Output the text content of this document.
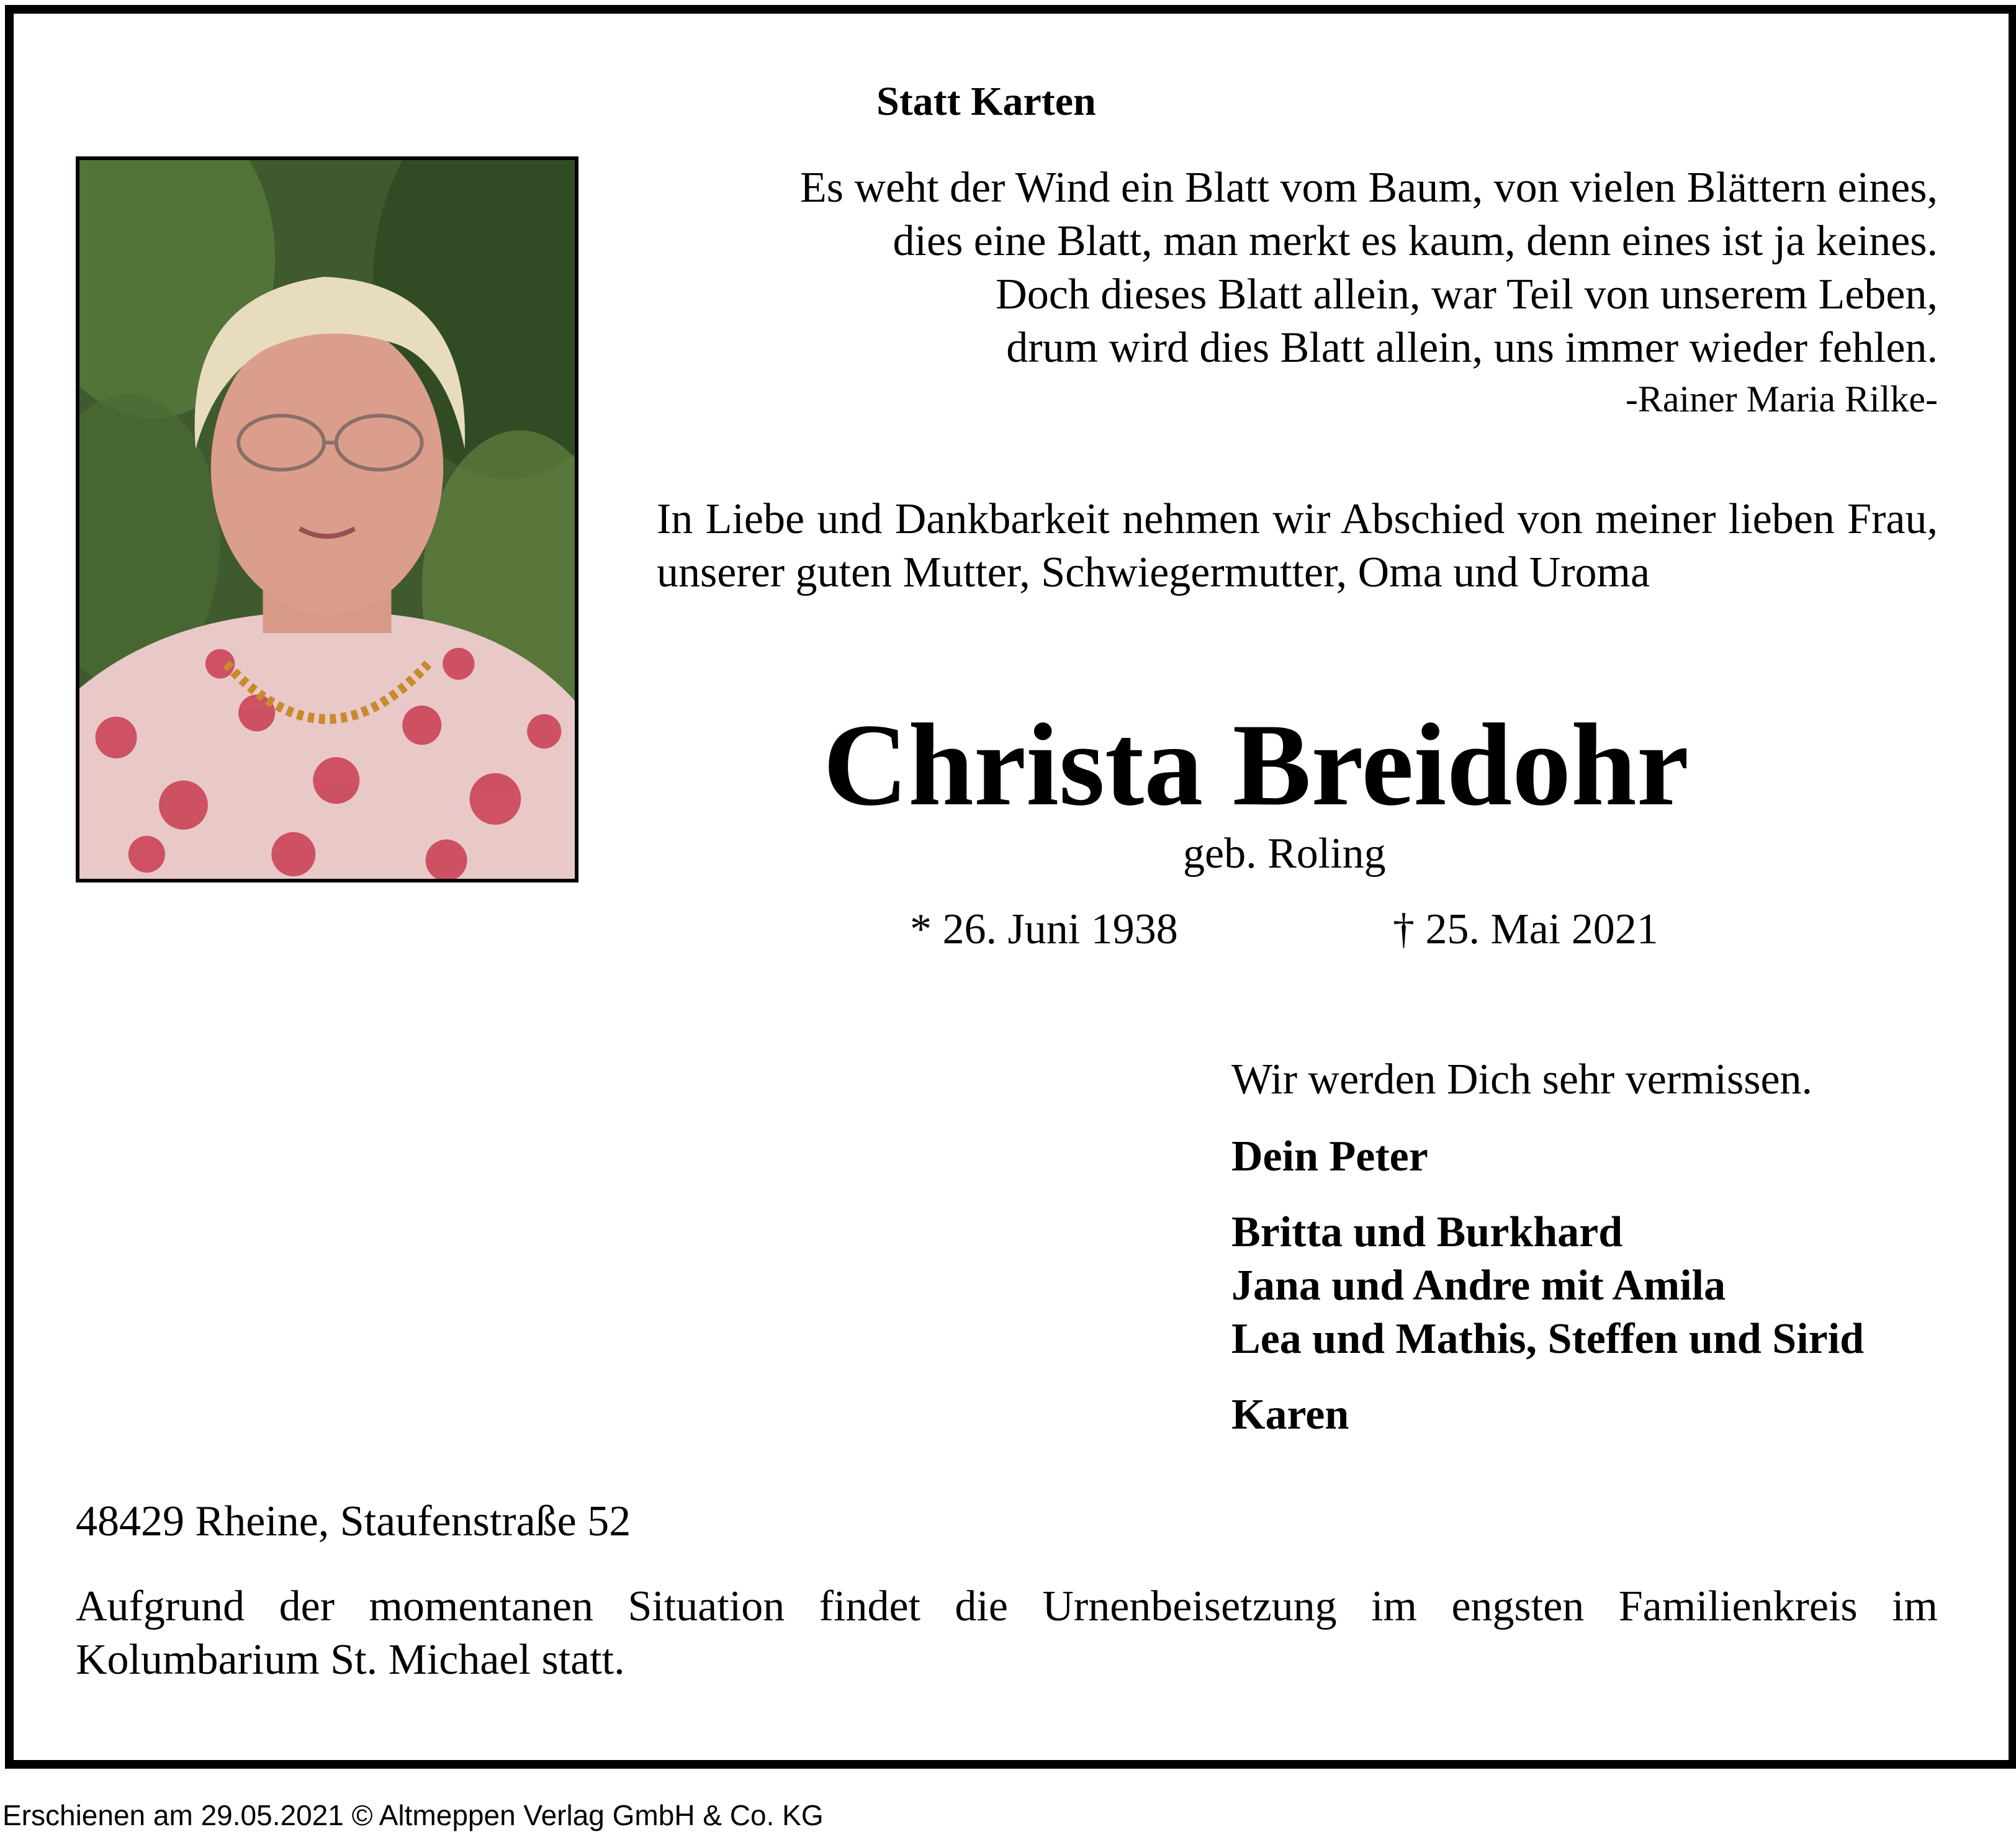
Statt Karten
Es weht der Wind ein Blatt vom Baum, von vielen Blättern eines,
dies eine Blatt, man merkt es kaum, denn eines ist ja keines.
Doch dieses Blatt allein, war Teil von unserem Leben,
drum wird dies Blatt allein, uns immer wieder fehlen.
-Rainer Maria Rilke-
In Liebe und Dankbarkeit nehmen wir Abschied von meiner lieben Frau, unserer guten Mutter, Schwiegermutter, Oma und Uroma
Christa Breidohr
geb. Roling
* 26. Juni 1938	† 25. Mai 2021
Wir werden Dich sehr vermissen.
Dein Peter
Britta und Burkhard
Jana und Andre mit Amila
Lea und Mathis, Steffen und Sirid
Karen
48429 Rheine, Staufenstraße 52
Aufgrund der momentanen Situation findet die Urnenbeisetzung im engsten Familienkreis im Kolumbarium St. Michael statt.
Erschienen am 29.05.2021 © Altmeppen Verlag GmbH & Co. KG
